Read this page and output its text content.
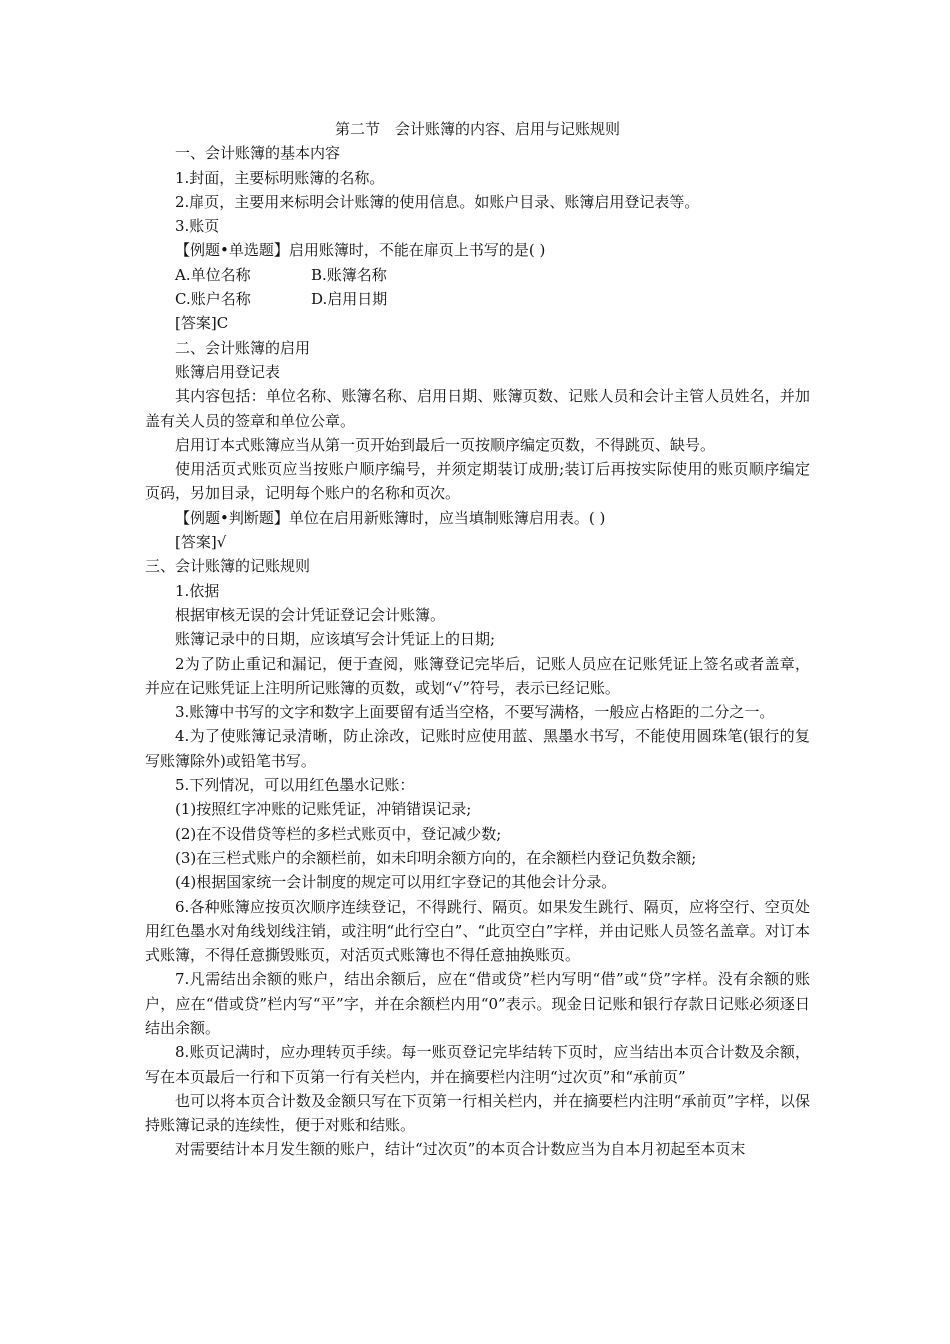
第二节　会计账簿的内容、启用与记账规则

一、会计账簿的基本内容

1.封面，主要标明账簿的名称。

2.扉页，主要用来标明会计账簿的使用信息。如账户目录、账簿启用登记表等。

3.账页

【例题•单选题】启用账簿时，不能在扉页上书写的是( )

A.单位名称	B.账簿名称
C.账户名称	D.启用日期

[答案]C

二、会计账簿的启用

账簿启用登记表

其内容包括：单位名称、账簿名称、启用日期、账簿页数、记账人员和会计主管人员姓名，并加盖有关人员的签章和单位公章。

启用订本式账簿应当从第一页开始到最后一页按顺序编定页数，不得跳页、缺号。

使用活页式账页应当按账户顺序编号，并须定期装订成册;装订后再按实际使用的账页顺序编定页码，另加目录，记明每个账户的名称和页次。

【例题•判断题】单位在启用新账簿时，应当填制账簿启用表。( )

[答案]√

三、会计账簿的记账规则

1.依据

根据审核无误的会计凭证登记会计账簿。

账簿记录中的日期，应该填写会计凭证上的日期;

2为了防止重记和漏记，便于查阅，账簿登记完毕后，记账人员应在记账凭证上签名或者盖章，并应在记账凭证上注明所记账簿的页数，或划“√”符号，表示已经记账。

3.账簿中书写的文字和数字上面要留有适当空格，不要写满格，一般应占格距的二分之一。

4.为了使账簿记录清晰，防止涂改，记账时应使用蓝、黑墨水书写，不能使用圆珠笔(银行的复写账簿除外)或铅笔书写。

5.下列情况，可以用红色墨水记账：

(1)按照红字冲账的记账凭证，冲销错误记录;

(2)在不设借贷等栏的多栏式账页中，登记减少数;

(3)在三栏式账户的余额栏前，如未印明余额方向的，在余额栏内登记负数余额;

(4)根据国家统一会计制度的规定可以用红字登记的其他会计分录。

6.各种账簿应按页次顺序连续登记，不得跳行、隔页。如果发生跳行、隔页，应将空行、空页处用红色墨水对角线划线注销，或注明“此行空白”、“此页空白”字样，并由记账人员签名盖章。对订本式账簿，不得任意撕毁账页，对活页式账簿也不得任意抽换账页。

7.凡需结出余额的账户，结出余额后，应在“借或贷”栏内写明“借”或“贷”字样。没有余额的账户，应在“借或贷”栏内写“平”字，并在余额栏内用“0”表示。现金日记账和银行存款日记账必须逐日结出余额。

8.账页记满时，应办理转页手续。每一账页登记完毕结转下页时，应当结出本页合计数及余额，写在本页最后一行和下页第一行有关栏内，并在摘要栏内注明“过次页”和“承前页”

也可以将本页合计数及金额只写在下页第一行相关栏内，并在摘要栏内注明“承前页”字样，以保持账簿记录的连续性，便于对账和结账。

对需要结计本月发生额的账户，结计“过次页”的本页合计数应当为自本月初起至本页末
